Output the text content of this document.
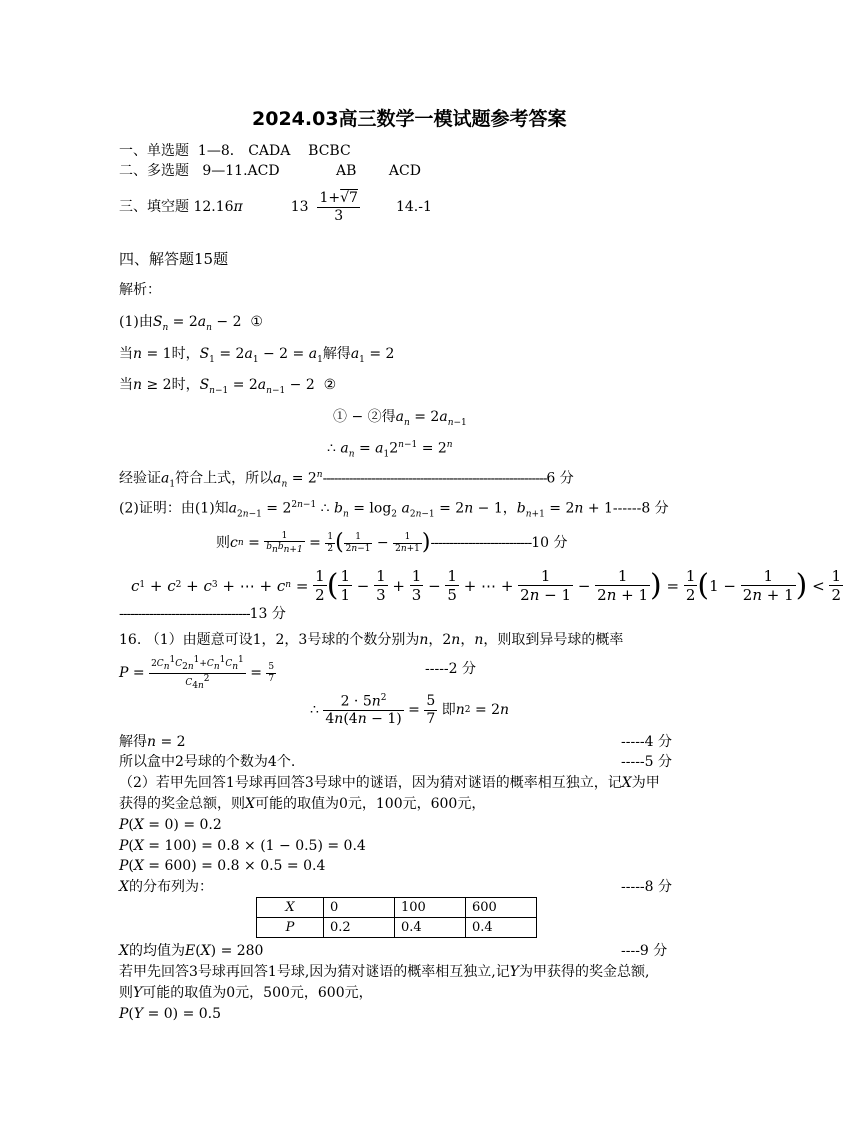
2024.03高三数学一模试题参考答案
一、单选题 1—8． CADA BCBC
二、多选题 9—11.ACD	AB ACD
三、填空题
12.16 π	13
$\frac{1+√7}{3}$	14.-1
四、解答题15题
解析：
(1)由$S_n = 2a_n - 2$  ①
当n = 1时，$S_1 = 2a_1 - 2 = a_1$解得$a_1 = 2$
当n ≥ 2时，$S_{n-1} = 2a_{n-1} - 2$  ②
① − ②得$a_n = 2a_{n-1}$
∴ $a_n = a_12^{n-1} = 2^n$
经验证$a_1$符合上式，所以$a_n = 2^n------------------------------------------------------------6$ 分
(2)证明：由(1)知$a_{2n-1} = 2^{2n-1}$ ∴ $b_n = \log_2 a_{2n-1} = 2n - 1$，$b_{n+1} = 2n + 1------8$ 分
则 c $n = \frac{1}{b_nb_{n+1}} = \frac{1}{2}$ ( $\frac{1}{2n-1} - \frac{1}{2n+1}$ ) --------------------------- 10 分
c 1 + c 2 + c 3 + ⋯ + c $n = \frac{1}{2}$ ( $\frac{1}{1} - \frac{1}{3} + \frac{1}{3} - \frac{1}{5}$ + ⋯ + $\frac{1}{2n - 1} - \frac{1}{2n + 1}$ ) = $\frac{1}{2}$ ( $1 - \frac{1}{2n + 1}$ ) < $\frac{1}{2}$
-----------------------------------13 分
16. （1）由题意可设1，2，3号球的个数分别为n，2n，n，则取到异号球的概率
$P = \frac{2C_n^1C_{2n}^1+C_n^1C_n^1}{C_{4n}^2} = \frac{5}{7}$	-----2 分
∴ $\frac{2 \cdot 5n^2}{4n(4n - 1)} = \frac{5}{7}$
即 n 2 = 2 n
解得n = 2	-----4 分
所以盒中2号球的个数为4个.	-----5 分
（2）若甲先回答1号球再回答3号球中的谜语，因为猜对谜语的概率相互独立，记X为甲
获得的奖金总额，则X可能的取值为0元，100元，600元，
P(X = 0) = 0.2
P(X = 100) = 0.8 × (1 − 0.5) = 0.4
P(X = 600) = 0.8 × 0.5 = 0.4
X的分布列为：	-----8 分
X	0	100	600
P	0.2	0.4	0.4
X的均值为E(X) = 280	----9 分
若甲先回答3号球再回答1号球,因为猜对谜语的概率相互独立,记Y为甲获得的奖金总额,
则Y可能的取值为0元，500元，600元，
P(Y = 0) = 0.5
